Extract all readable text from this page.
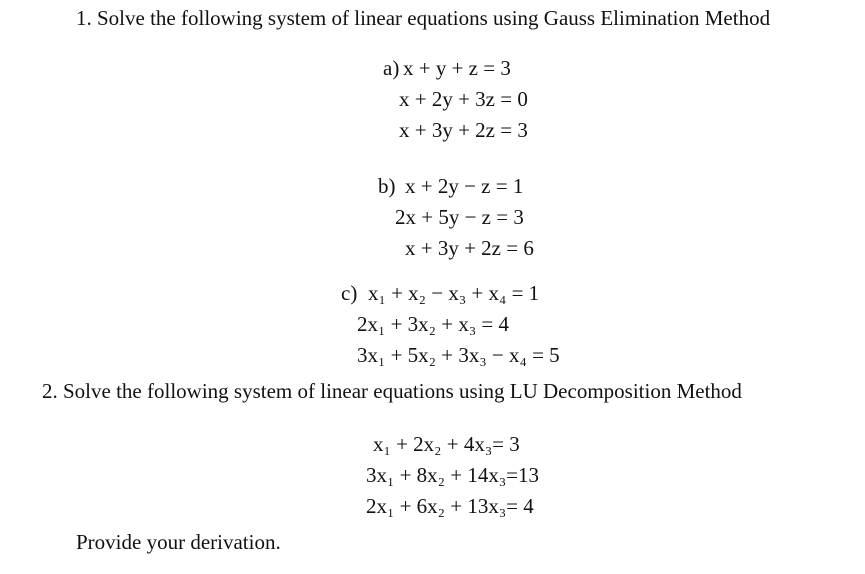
1. Solve the following system of linear equations using Gauss Elimination Method
a) x + y + z = 3
x + 2y + 3z = 0
x + 3y + 2z = 3
b) x + 2y − z = 1
2x + 5y − z = 3
x + 3y + 2z = 6
c) x₁ + x₂ − x₃ + x₄ = 1
2x₁ + 3x₂ + x₃ = 4
3x₁ + 5x₂ + 3x₃ − x₄ = 5
2. Solve the following system of linear equations using LU Decomposition Method
x₁ + 2x₂ + 4x₃= 3
3x₁ + 8x₂ + 14x₃=13
2x₁ + 6x₂ + 13x₃= 4
Provide your derivation.
